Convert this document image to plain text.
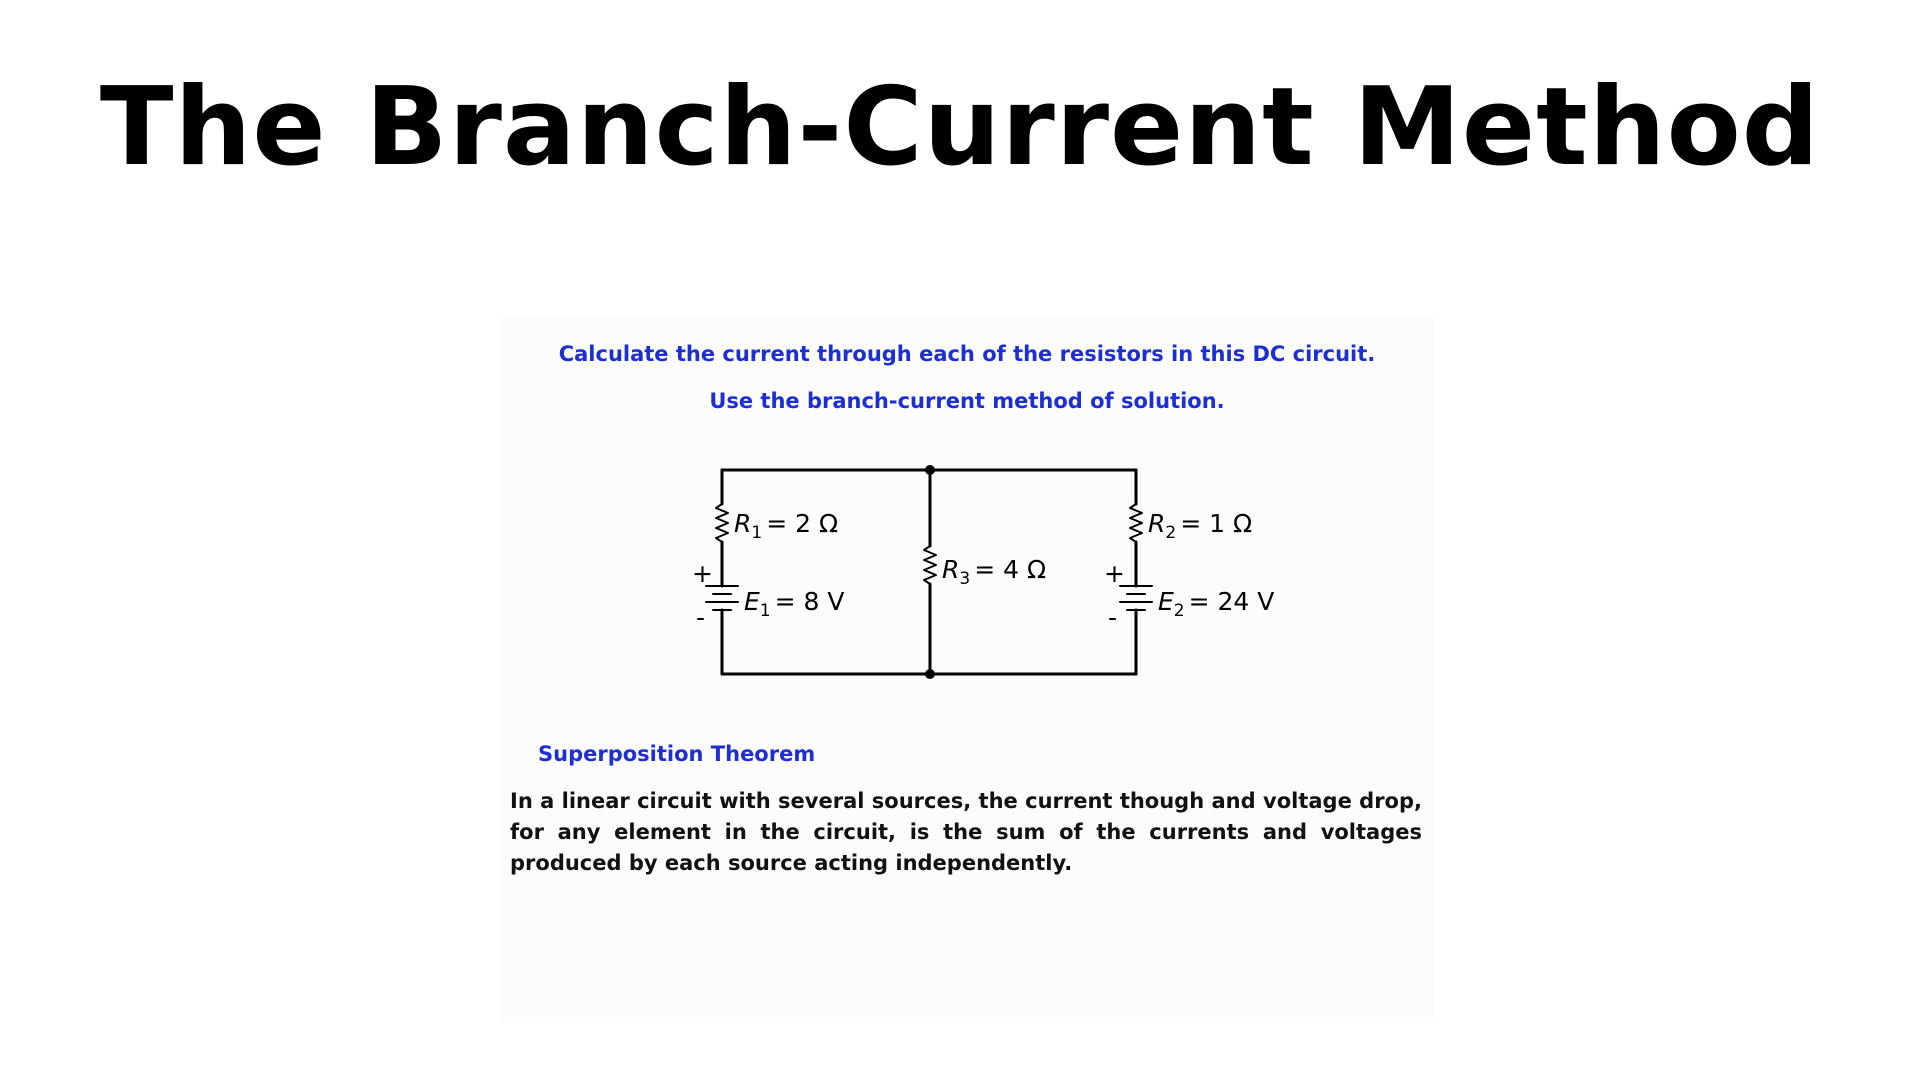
The Branch-Current Method
Calculate the current through each of the resistors in this DC circuit.
Use the branch-current method of solution.
$R_1 = 2$ Ω	$R_2 = 1$ Ω
$R_3 = 4$ Ω
$E_1 = 8$ V	$E_2 = 24$ V
+
-
+
-
Superposition Theorem
In a linear circuit with several sources, the current though and voltage drop, for any element in the circuit, is the sum of the currents and voltages produced by each source acting independently.
